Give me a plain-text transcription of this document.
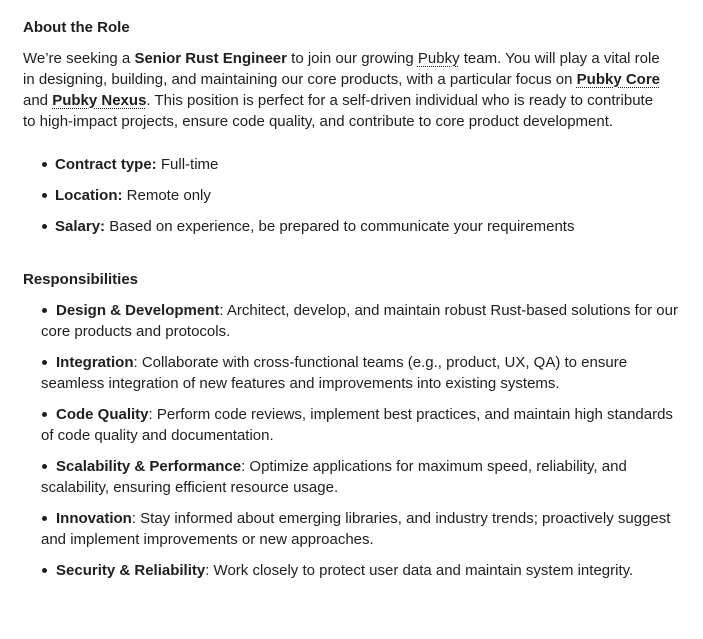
About the Role

We’re seeking a Senior Rust Engineer to join our growing Pubky team. You will play a vital role in designing, building, and maintaining our core products, with a particular focus on Pubky Core and Pubky Nexus. This position is perfect for a self-driven individual who is ready to contribute to high-impact projects, ensure code quality, and contribute to core product development.

Contract type: Full-time
Location: Remote only
Salary: Based on experience, be prepared to communicate your requirements
Responsibilities
Design & Development: Architect, develop, and maintain robust Rust-based solutions for our core products and protocols.
Integration: Collaborate with cross-functional teams (e.g., product, UX, QA) to ensure seamless integration of new features and improvements into existing systems.
Code Quality: Perform code reviews, implement best practices, and maintain high standards of code quality and documentation.
Scalability & Performance: Optimize applications for maximum speed, reliability, and scalability, ensuring efficient resource usage.
Innovation: Stay informed about emerging libraries, and industry trends; proactively suggest and implement improvements or new approaches.
Security & Reliability: Work closely to protect user data and maintain system integrity.
